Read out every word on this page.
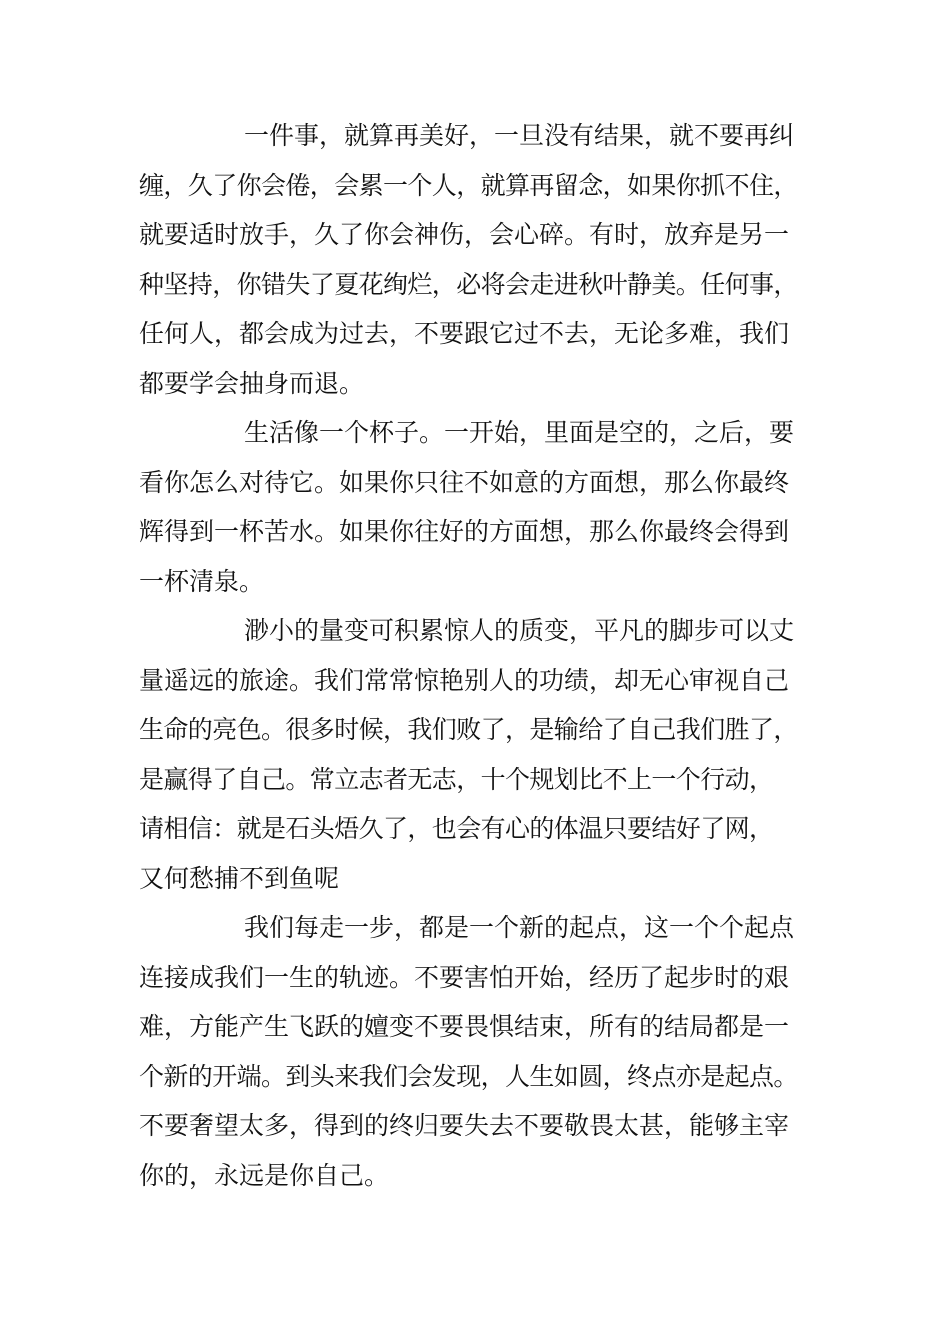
一件事，就算再美好，一旦没有结果，就不要再纠
缠，久了你会倦，会累一个人，就算再留念，如果你抓不住，
就要适时放手，久了你会神伤，会心碎。有时，放弃是另一
种坚持，你错失了夏花绚烂，必将会走进秋叶静美。任何事，
任何人，都会成为过去，不要跟它过不去，无论多难，我们
都要学会抽身而退。
生活像一个杯子。一开始，里面是空的，之后，要
看你怎么对待它。如果你只往不如意的方面想，那么你最终
辉得到一杯苦水。如果你往好的方面想，那么你最终会得到
一杯清泉。
渺小的量变可积累惊人的质变，平凡的脚步可以丈
量遥远的旅途。我们常常惊艳别人的功绩，却无心审视自己
生命的亮色。很多时候，我们败了，是输给了自己我们胜了，
是赢得了自己。常立志者无志，十个规划比不上一个行动，
请相信：就是石头焐久了，也会有心的体温只要结好了网，
又何愁捕不到鱼呢
我们每走一步，都是一个新的起点，这一个个起点
连接成我们一生的轨迹。不要害怕开始，经历了起步时的艰
难，方能产生飞跃的嬗变不要畏惧结束，所有的结局都是一
个新的开端。到头来我们会发现，人生如圆，终点亦是起点。
不要奢望太多，得到的终归要失去不要敬畏太甚，能够主宰
你的，永远是你自己。
